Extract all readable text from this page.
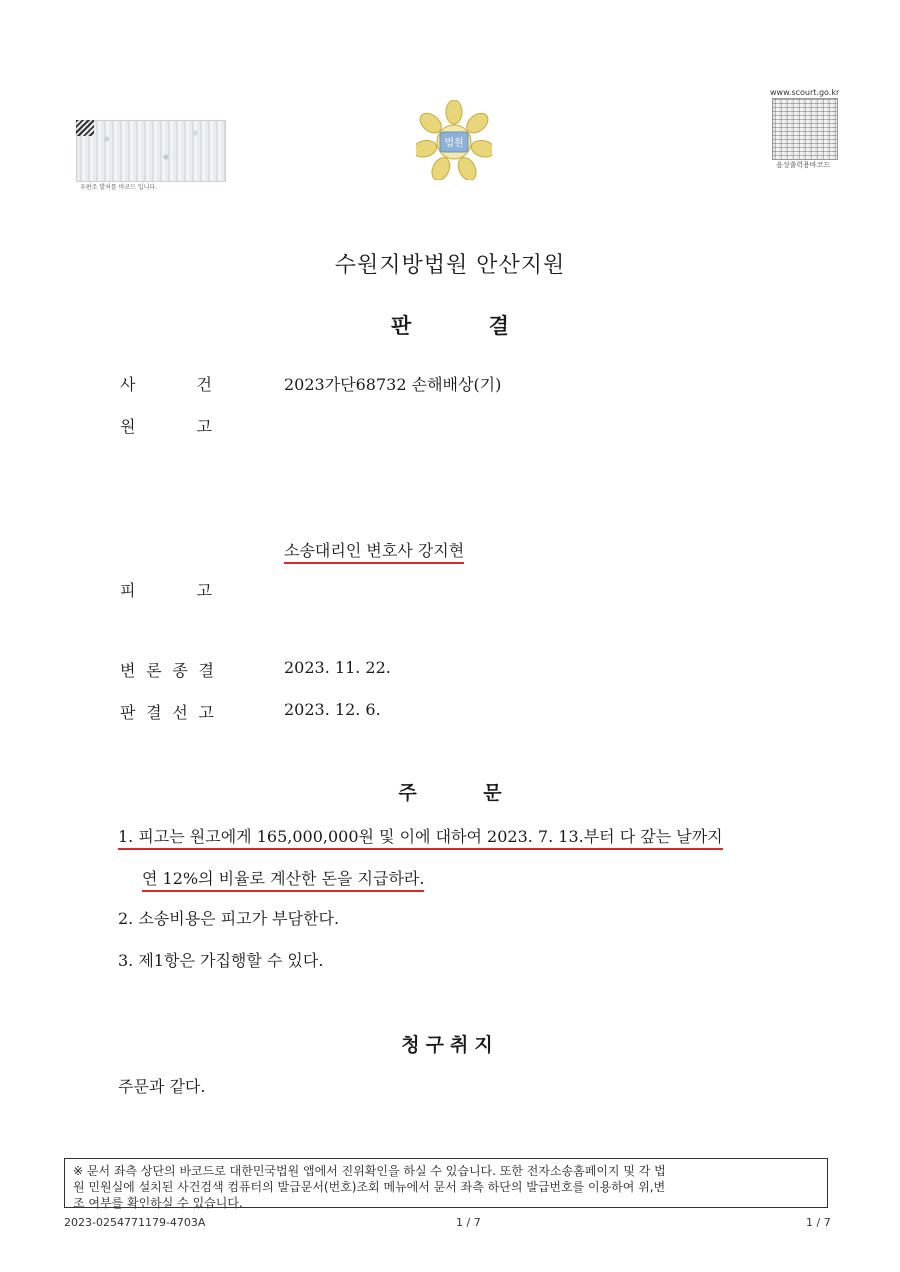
우편조 발처를 바코드 입니다.
법원
www.scourt.go.kr
음성출력용바코드
수원지방법원 안산지원
판 결
사	건	2023가단68732 손해배상(기)
원	고
소송대리인 변호사 강지현
피	고
변 론 종 결	2023. 11. 22.
판 결 선 고	2023. 12. 6.
주 문
1. 피고는 원고에게 165,000,000원 및 이에 대하여 2023. 7. 13.부터 다 갚는 날까지
연 12%의 비율로 계산한 돈을 지급하라.
2. 소송비용은 피고가 부담한다.
3. 제1항은 가집행할 수 있다.
청구취지
주문과 같다.
※ 문서 좌측 상단의 바코드로 대한민국법원 앱에서 진위확인을 하실 수 있습니다. 또한 전자소송홈페이지 및 각 법
원 민원실에 설치된 사건검색 컴퓨터의 발급문서(번호)조회 메뉴에서 문서 좌측 하단의 발급번호를 이용하여 위,변
조 여부를 확인하실 수 있습니다.
2023-0254771179-4703A	1 / 7	1 / 7
